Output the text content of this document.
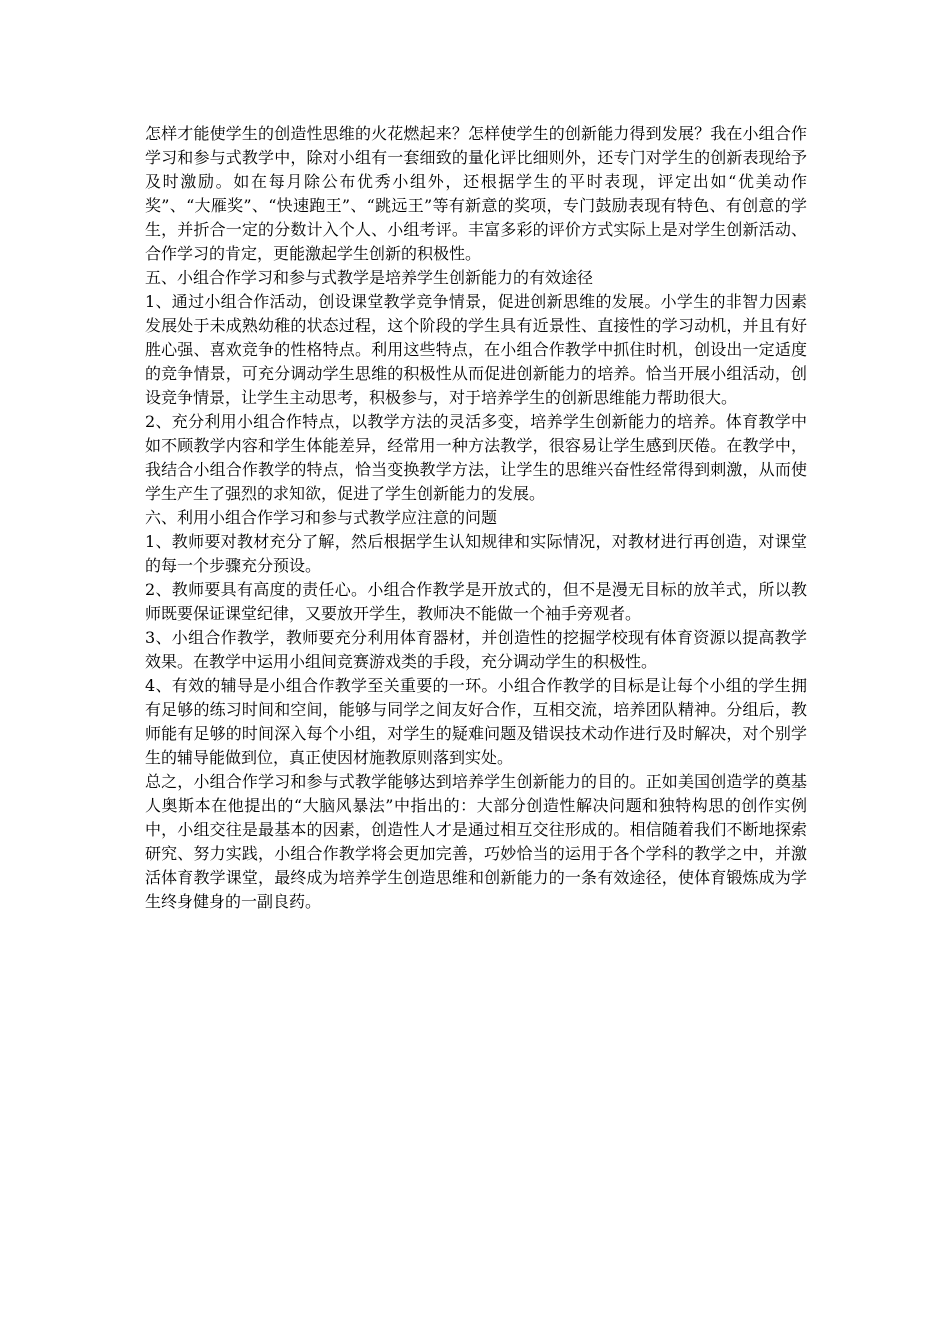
怎样才能使学生的创造性思维的火花燃起来？怎样使学生的创新能力得到发展？我在小组合作学习和参与式教学中，除对小组有一套细致的量化评比细则外，还专门对学生的创新表现给予及时激励。如在每月除公布优秀小组外，还根据学生的平时表现，评定出如“优美动作奖”、“大雁奖”、“快速跑王”、“跳远王”等有新意的奖项，专门鼓励表现有特色、有创意的学生，并折合一定的分数计入个人、小组考评。丰富多彩的评价方式实际上是对学生创新活动、合作学习的肯定，更能激起学生创新的积极性。

五、小组合作学习和参与式教学是培养学生创新能力的有效途径

1、通过小组合作活动，创设课堂教学竞争情景，促进创新思维的发展。小学生的非智力因素发展处于未成熟幼稚的状态过程，这个阶段的学生具有近景性、直接性的学习动机，并且有好胜心强、喜欢竞争的性格特点。利用这些特点，在小组合作教学中抓住时机，创设出一定适度的竞争情景，可充分调动学生思维的积极性从而促进创新能力的培养。恰当开展小组活动，创设竞争情景，让学生主动思考，积极参与，对于培养学生的创新思维能力帮助很大。

2、充分利用小组合作特点，以教学方法的灵活多变，培养学生创新能力的培养。体育教学中如不顾教学内容和学生体能差异，经常用一种方法教学，很容易让学生感到厌倦。在教学中，我结合小组合作教学的特点，恰当变换教学方法，让学生的思维兴奋性经常得到刺激，从而使学生产生了强烈的求知欲，促进了学生创新能力的发展。

六、利用小组合作学习和参与式教学应注意的问题

1、教师要对教材充分了解，然后根据学生认知规律和实际情况，对教材进行再创造，对课堂的每一个步骤充分预设。

2、教师要具有高度的责任心。小组合作教学是开放式的，但不是漫无目标的放羊式，所以教师既要保证课堂纪律，又要放开学生，教师决不能做一个袖手旁观者。

3、小组合作教学，教师要充分利用体育器材，并创造性的挖掘学校现有体育资源以提高教学效果。在教学中运用小组间竞赛游戏类的手段，充分调动学生的积极性。

4、有效的辅导是小组合作教学至关重要的一环。小组合作教学的目标是让每个小组的学生拥有足够的练习时间和空间，能够与同学之间友好合作，互相交流，培养团队精神。分组后，教师能有足够的时间深入每个小组，对学生的疑难问题及错误技术动作进行及时解决，对个别学生的辅导能做到位，真正使因材施教原则落到实处。

总之，小组合作学习和参与式教学能够达到培养学生创新能力的目的。正如美国创造学的奠基人奥斯本在他提出的“大脑风暴法”中指出的：大部分创造性解决问题和独特构思的创作实例中，小组交往是最基本的因素，创造性人才是通过相互交往形成的。相信随着我们不断地探索研究、努力实践，小组合作教学将会更加完善，巧妙恰当的运用于各个学科的教学之中，并激活体育教学课堂，最终成为培养学生创造思维和创新能力的一条有效途径，使体育锻炼成为学生终身健身的一副良药。
